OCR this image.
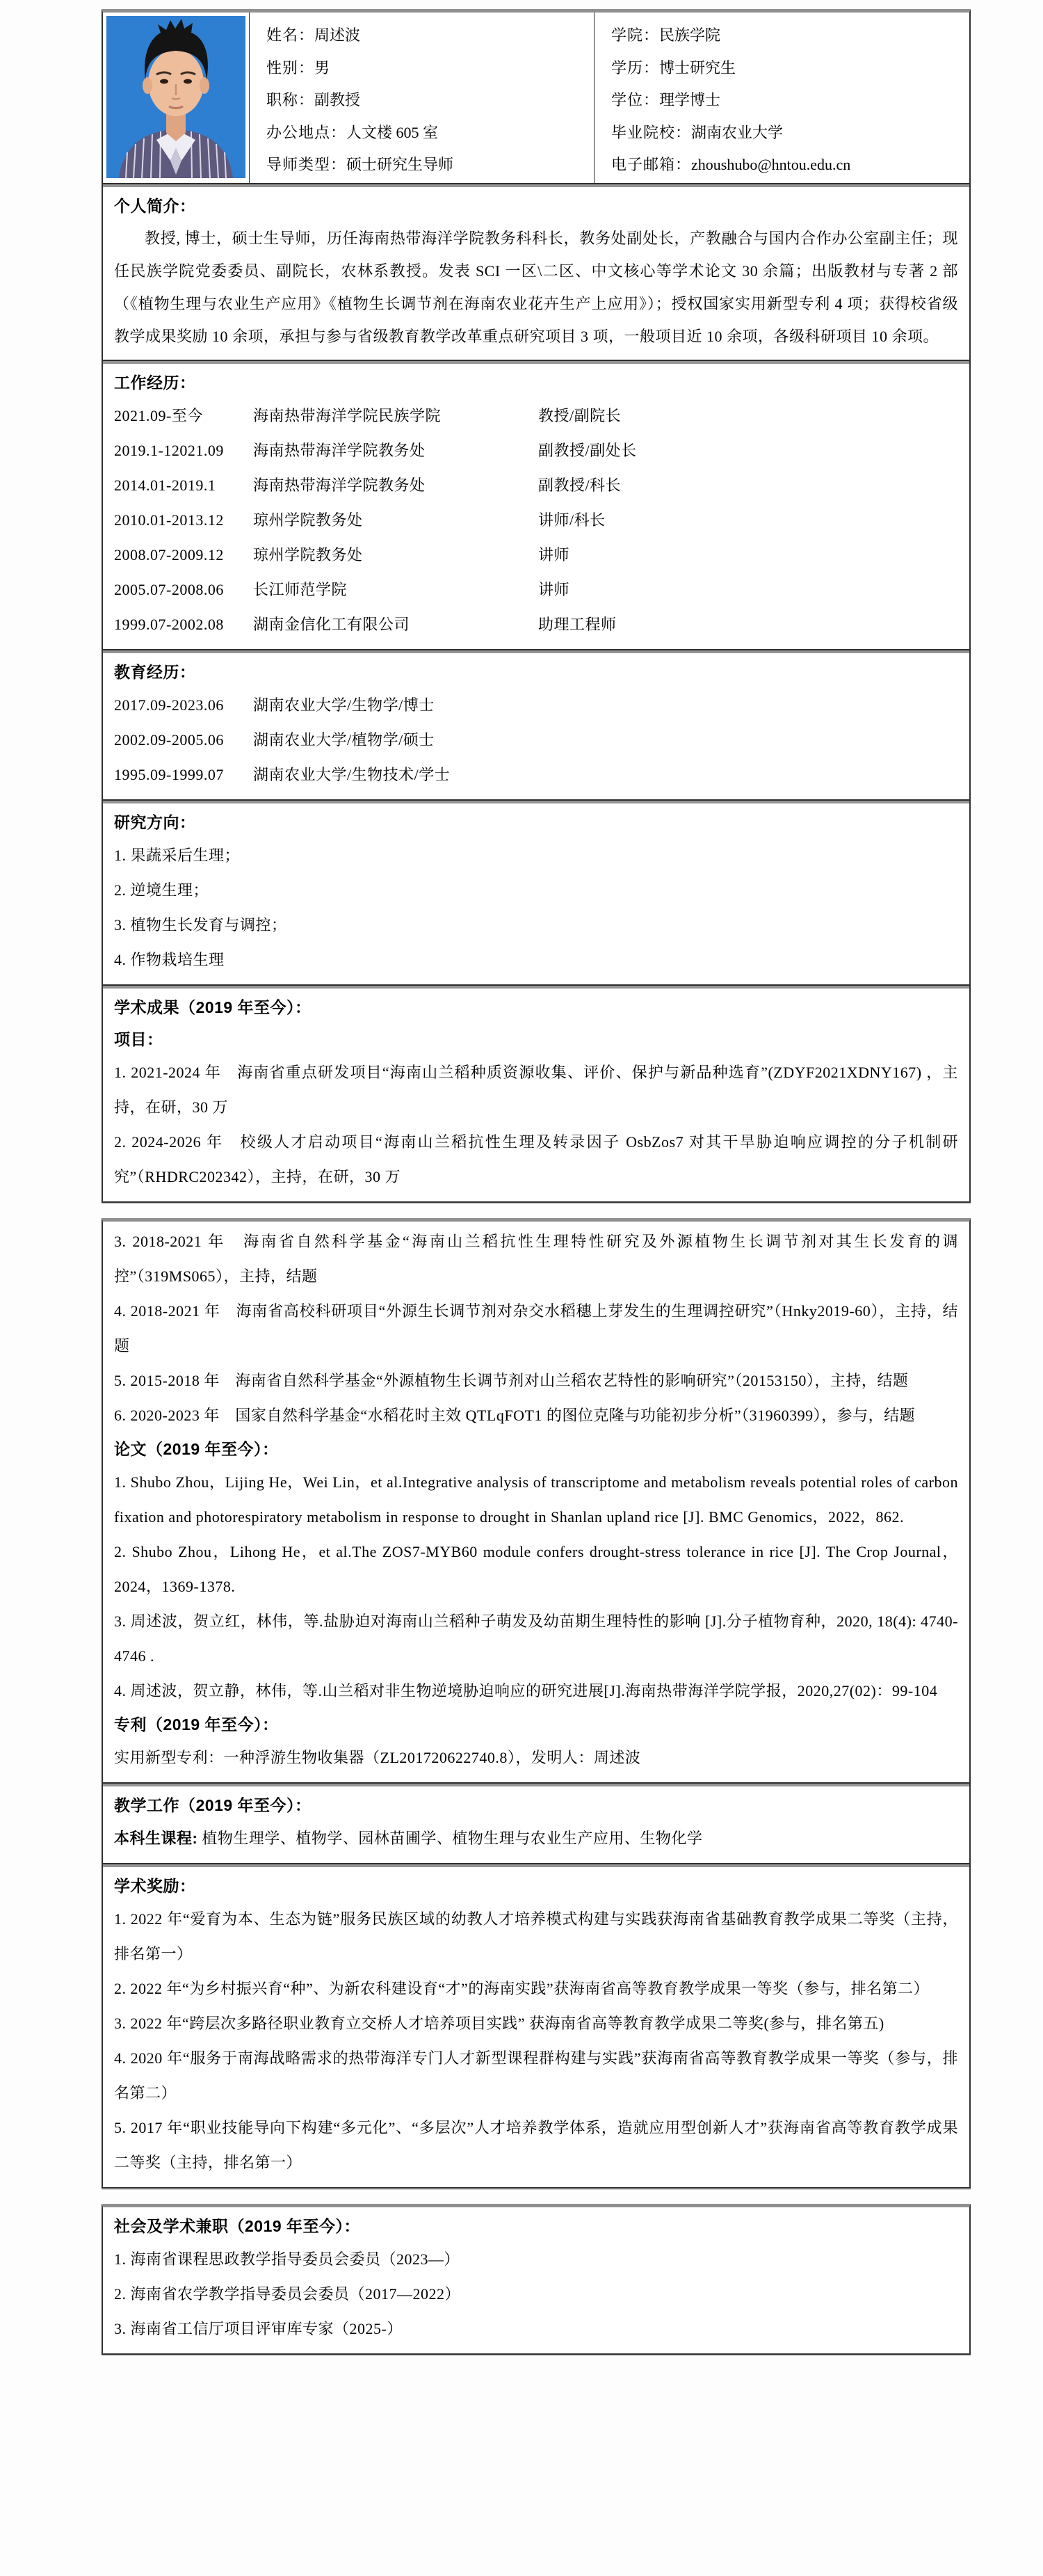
姓名：周述波
性别：男
职称：副教授
办公地点：人文楼 605 室
导师类型：硕士研究生导师
学院：民族学院
学历：博士研究生
学位：理学博士
毕业院校：湖南农业大学
电子邮箱：zhoushubo@hntou.edu.cn
个人简介：

教授, 博士，硕士生导师，历任海南热带海洋学院教务科科长，教务处副处长，产教融合与国内合作办公室副主任；现任民族学院党委委员、副院长，农林系教授。发表 SCI 一区\二区、中文核心等学术论文 30 余篇；出版教材与专著 2 部（《植物生理与农业生产应用》《植物生长调节剂在海南农业花卉生产上应用》）；授权国家实用新型专利 4 项；获得校省级教学成果奖励 10 余项，承担与参与省级教育教学改革重点研究项目 3 项，一般项目近 10 余项，各级科研项目 10 余项。

工作经历：
2021.09-至今	海南热带海洋学院民族学院	教授/副院长
2019.1-12021.09	海南热带海洋学院教务处	副教授/副处长
2014.01-2019.1	海南热带海洋学院教务处	副教授/科长
2010.01-2013.12	琼州学院教务处	讲师/科长
2008.07-2009.12	琼州学院教务处	讲师
2005.07-2008.06	长江师范学院	讲师
1999.07-2002.08	湖南金信化工有限公司	助理工程师
教育经历：
2017.09-2023.06	湖南农业大学/生物学/博士
2002.09-2005.06	湖南农业大学/植物学/硕士
1995.09-1999.07	湖南农业大学/生物技术/学士
研究方向：

1. 果蔬采后生理；

2. 逆境生理；

3. 植物生长发育与调控；

4. 作物栽培生理

学术成果（2019 年至今）：
项目：

1. 2021-2024 年　海南省重点研发项目“海南山兰稻种质资源收集、评价、保护与新品种选育”(ZDYF2021XDNY167) ，主持，在研，30 万

2. 2024-2026 年　校级人才启动项目“海南山兰稻抗性生理及转录因子 OsbZos7 对其干旱胁迫响应调控的分子机制研究”（RHDRC202342），主持，在研，30 万

3. 2018-2021 年　海南省自然科学基金“海南山兰稻抗性生理特性研究及外源植物生长调节剂对其生长发育的调控”（319MS065），主持，结题

4. 2018-2021 年　海南省高校科研项目“外源生长调节剂对杂交水稻穗上芽发生的生理调控研究”（Hnky2019-60），主持，结题

5. 2015-2018 年　海南省自然科学基金“外源植物生长调节剂对山兰稻农艺特性的影响研究”（20153150），主持，结题

6. 2020-2023 年　国家自然科学基金“水稻花时主效 QTLqFOT1 的图位克隆与功能初步分析”（31960399），参与，结题

论文（2019 年至今）：

1. Shubo Zhou，Lijing He，Wei Lin，et al.Integrative analysis of transcriptome and metabolism reveals potential roles of carbon fixation and photorespiratory metabolism in response to drought in Shanlan upland rice [J]. BMC Genomics，2022，862.

2. Shubo Zhou，Lihong He，et al.The ZOS7-MYB60 module confers drought-stress tolerance in rice [J]. The Crop Journal，2024，1369-1378.

3. 周述波，贺立红，林伟，等.盐胁迫对海南山兰稻种子萌发及幼苗期生理特性的影响 [J].分子植物育种，2020, 18(4): 4740-4746 .

4. 周述波，贺立静，林伟，等.山兰稻对非生物逆境胁迫响应的研究进展[J].海南热带海洋学院学报，2020,27(02)：99-104

专利（2019 年至今）：

实用新型专利：一种浮游生物收集器（ZL201720622740.8），发明人：周述波

教学工作（2019 年至今）：

本科生课程: 植物生理学、植物学、园林苗圃学、植物生理与农业生产应用、生物化学

学术奖励：

1. 2022 年“爱育为本、生态为链”服务民族区域的幼教人才培养模式构建与实践获海南省基础教育教学成果二等奖（主持，排名第一）

2. 2022 年“为乡村振兴育“种”、为新农科建设育“才”的海南实践”获海南省高等教育教学成果一等奖（参与，排名第二）

3. 2022 年“跨层次多路径职业教育立交桥人才培养项目实践” 获海南省高等教育教学成果二等奖(参与，排名第五)

4. 2020 年“服务于南海战略需求的热带海洋专门人才新型课程群构建与实践”获海南省高等教育教学成果一等奖（参与，排名第二）

5. 2017 年“职业技能导向下构建“多元化”、“多层次”人才培养教学体系，造就应用型创新人才”获海南省高等教育教学成果二等奖（主持，排名第一）

社会及学术兼职（2019 年至今）：

1. 海南省课程思政教学指导委员会委员（2023—）

2. 海南省农学教学指导委员会委员（2017—2022）

3. 海南省工信厅项目评审库专家（2025-）
